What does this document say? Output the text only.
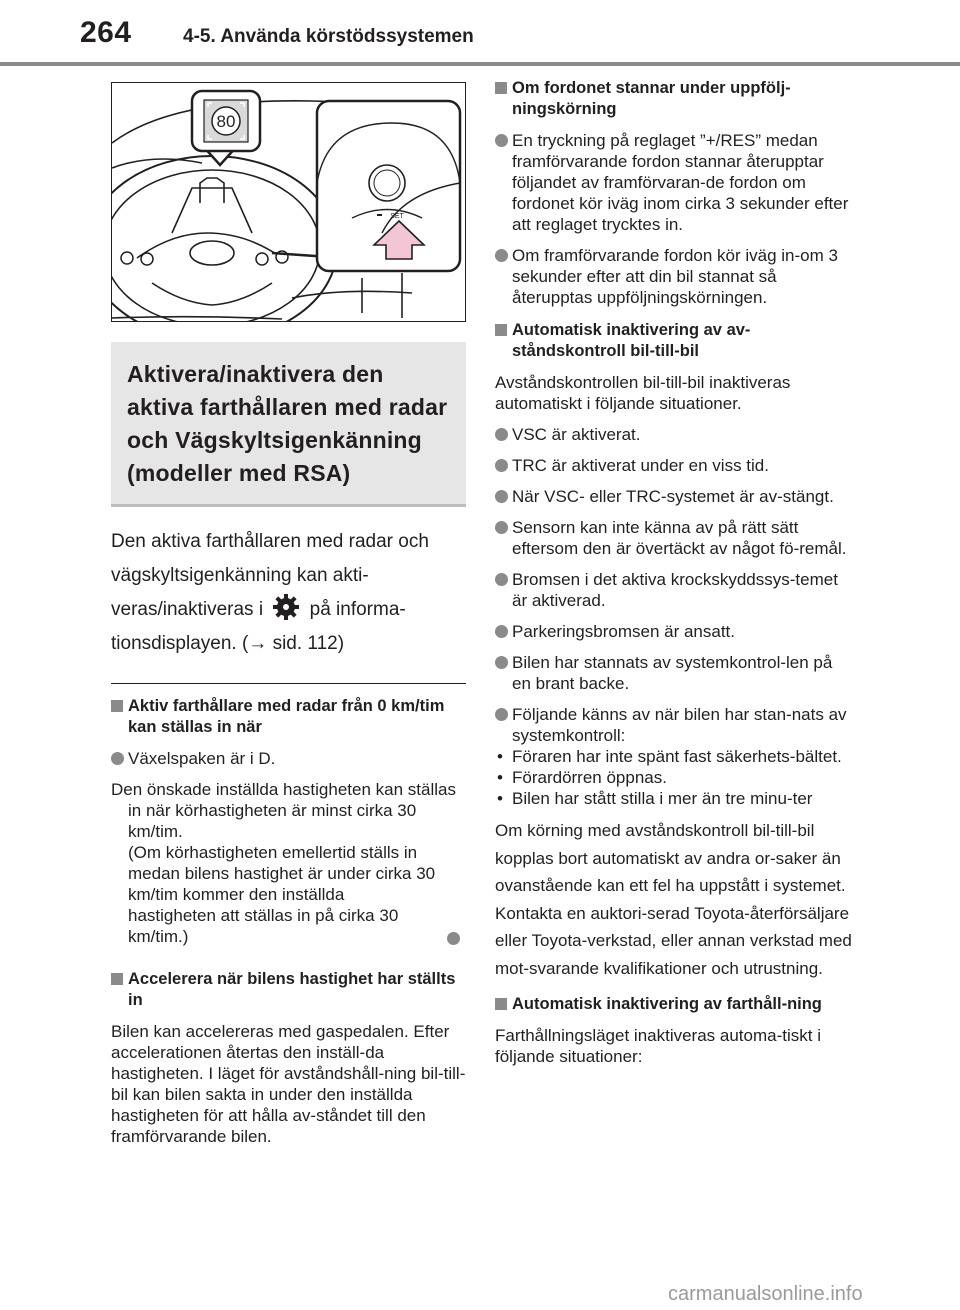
264	4-5. Använda körstödssystemen
80
SET
Aktivera/inaktivera den aktiva farthållaren med radar och Vägskyltsigenkänning (modeller med RSA)
Den aktiva farthållaren med radar och vägskyltsigenkänning kan akti-veras/inaktiveras i på informa-tionsdisplayen. (→ sid. 112)
Aktiv farthållare med radar från 0 km/tim kan ställas in när
Växelspaken är i D.
Den önskade inställda hastigheten kan ställas in när körhastigheten är minst cirka 30 km/tim.
(Om körhastigheten emellertid ställs in medan bilens hastighet är under cirka 30 km/tim kommer den inställda hastigheten att ställas in på cirka 30 km/tim.)
Accelerera när bilens hastighet har ställts in
Bilen kan accelereras med gaspedalen. Efter accelerationen återtas den inställ-da hastigheten. I läget för avståndshåll-ning bil-till-bil kan bilen sakta in under den inställda hastigheten för att hålla av-ståndet till den framförvarande bilen.
Om fordonet stannar under uppfölj-ningskörning
En tryckning på reglaget ”+/RES” medan framförvarande fordon stannar återupptar följandet av framförvaran-de fordon om fordonet kör iväg inom cirka 3 sekunder efter att reglaget trycktes in.
Om framförvarande fordon kör iväg in-om 3 sekunder efter att din bil stannat så återupptas uppföljningskörningen.
Automatisk inaktivering av av-ståndskontroll bil-till-bil
Avståndskontrollen bil-till-bil inaktiveras automatiskt i följande situationer.
VSC är aktiverat.
TRC är aktiverat under en viss tid.
När VSC- eller TRC-systemet är av-stängt.
Sensorn kan inte känna av på rätt sätt eftersom den är övertäckt av något fö-remål.
Bromsen i det aktiva krockskyddssys-temet är aktiverad.
Parkeringsbromsen är ansatt.
Bilen har stannats av systemkontrol-len på en brant backe.
Följande känns av när bilen har stan-nats av systemkontroll:
• Föraren har inte spänt fast säkerhets-bältet.
• Förardörren öppnas.
• Bilen har stått stilla i mer än tre minu-ter
Om körning med avståndskontroll bil-till-bil kopplas bort automatiskt av andra or-saker än ovanstående kan ett fel ha uppstått i systemet. Kontakta en auktori-serad Toyota-återförsäljare eller Toyota-verkstad, eller annan verkstad med mot-svarande kvalifikationer och utrustning.
Automatisk inaktivering av farthåll-ning
Farthållningsläget inaktiveras automa-tiskt i följande situationer:
carmanualsonline.info
